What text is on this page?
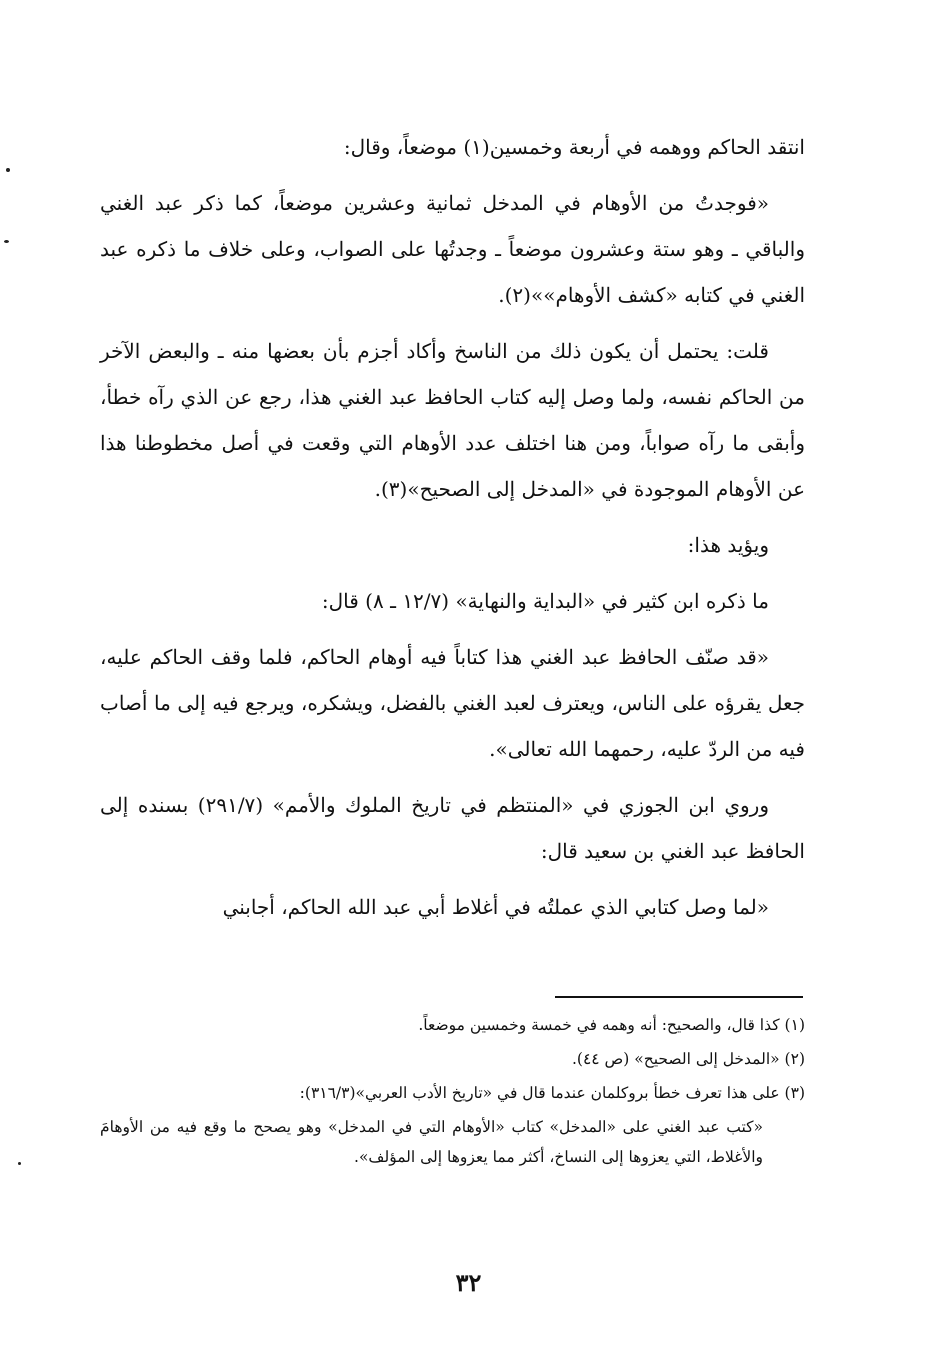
انتقد الحاكم ووهمه في أربعة وخمسين(١) موضعاً، وقال:

«فوجدتُ من الأوهام في المدخل ثمانية وعشرين موضعاً، كما ذكر عبد الغني والباقي ـ وهو ستة وعشرون موضعاً ـ وجدتُها على الصواب، وعلى خلاف ما ذكره عبد الغني في كتابه «كشف الأوهام»»(٢).

قلت: يحتمل أن يكون ذلك من الناسخ وأكاد أجزم بأن بعضها منه ـ والبعض الآخر من الحاكم نفسه، ولما وصل إليه كتاب الحافظ عبد الغني هذا، رجع عن الذي رآه خطأ، وأبقى ما رآه صواباً، ومن هنا اختلف عدد الأوهام التي وقعت في أصل مخطوطنا هذا عن الأوهام الموجودة في «المدخل إلى الصحيح»(٣).

ويؤيد هذا:

ما ذكره ابن كثير في «البداية والنهاية» (١٢/٧ ـ ٨) قال:

«قد صنّف الحافظ عبد الغني هذا كتاباً فيه أوهام الحاكم، فلما وقف الحاكم عليه، جعل يقرؤه على الناس، ويعترف لعبد الغني بالفضل، ويشكره، ويرجع فيه إلى ما أصاب فيه من الردّ عليه، رحمهما الله تعالى».

وروي ابن الجوزي في «المنتظم في تاريخ الملوك والأمم» (٢٩١/٧) بسنده إلى الحافظ عبد الغني بن سعيد قال:

«لما وصل كتابي الذي عملتُه في أغلاط أبي عبد الله الحاكم، أجابني

(١) كذا قال، والصحيح: أنه وهمه في خمسة وخمسين موضعاً.

(٢) «المدخل إلى الصحيح» (ص ٤٤).

(٣) على هذا تعرف خطأ بروكلمان عندما قال في «تاريخ الأدب العربي»(٣١٦/٣):

«كتب عبد الغني على «المدخل» كتاب «الأوهام التي في المدخل» وهو يصحح ما وقع فيه من الأوهامَ والأغلاط، التي يعزوها إلى النساخ، أكثر مما يعزوها إلى المؤلف».

٣٢
